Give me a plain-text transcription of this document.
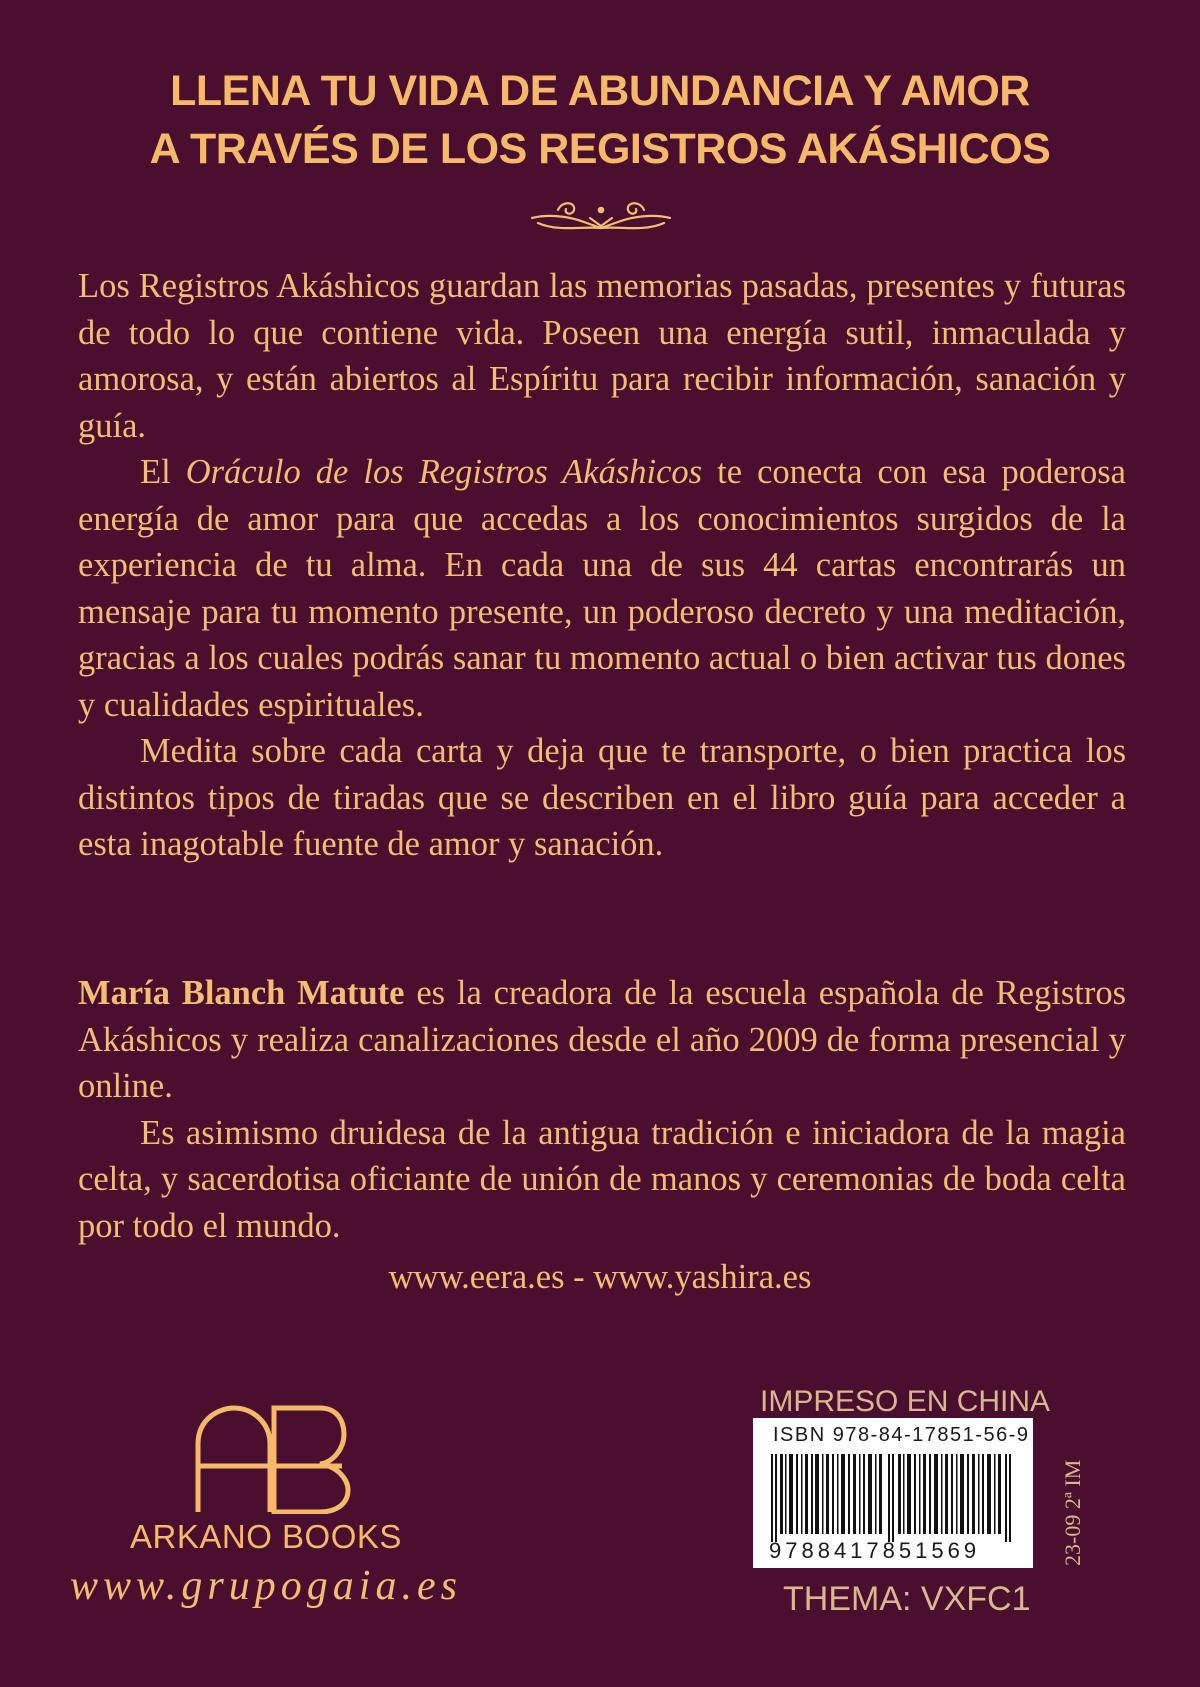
LLENA TU VIDA DE ABUNDANCIA Y AMOR
A TRAVÉS DE LOS REGISTROS AKÁSHICOS

Los Registros Akáshicos guardan las memorias pasadas, presentes y futuras de todo lo que contiene vida. Poseen una energía sutil, inmaculada y amorosa, y están abiertos al Espíritu para recibir información, sanación y guía.

El Oráculo de los Registros Akáshicos te conecta con esa poderosa energía de amor para que accedas a los conocimientos surgidos de la experiencia de tu alma. En cada una de sus 44 cartas encontrarás un mensaje para tu momento presente, un poderoso decreto y una meditación, gracias a los cuales podrás sanar tu momento actual o bien activar tus dones y cualidades espirituales.

Medita sobre cada carta y deja que te transporte, o bien practica los distintos tipos de tiradas que se describen en el libro guía para acceder a esta inagotable fuente de amor y sanación.

María Blanch Matute es la creadora de la escuela española de Registros Akáshicos y realiza canalizaciones desde el año 2009 de forma presencial y online.

Es asimismo druidesa de la antigua tradición e iniciadora de la magia celta, y sacerdotisa oficiante de unión de manos y ceremonias de boda celta por todo el mundo.

www.eera.es - www.yashira.es
ARKANO BOOKS
www.grupogaia.es
IMPRESO EN CHINA
ISBN 978-84-17851-56-9
9788417851569	23-09 2ª IM
THEMA: VXFC1
